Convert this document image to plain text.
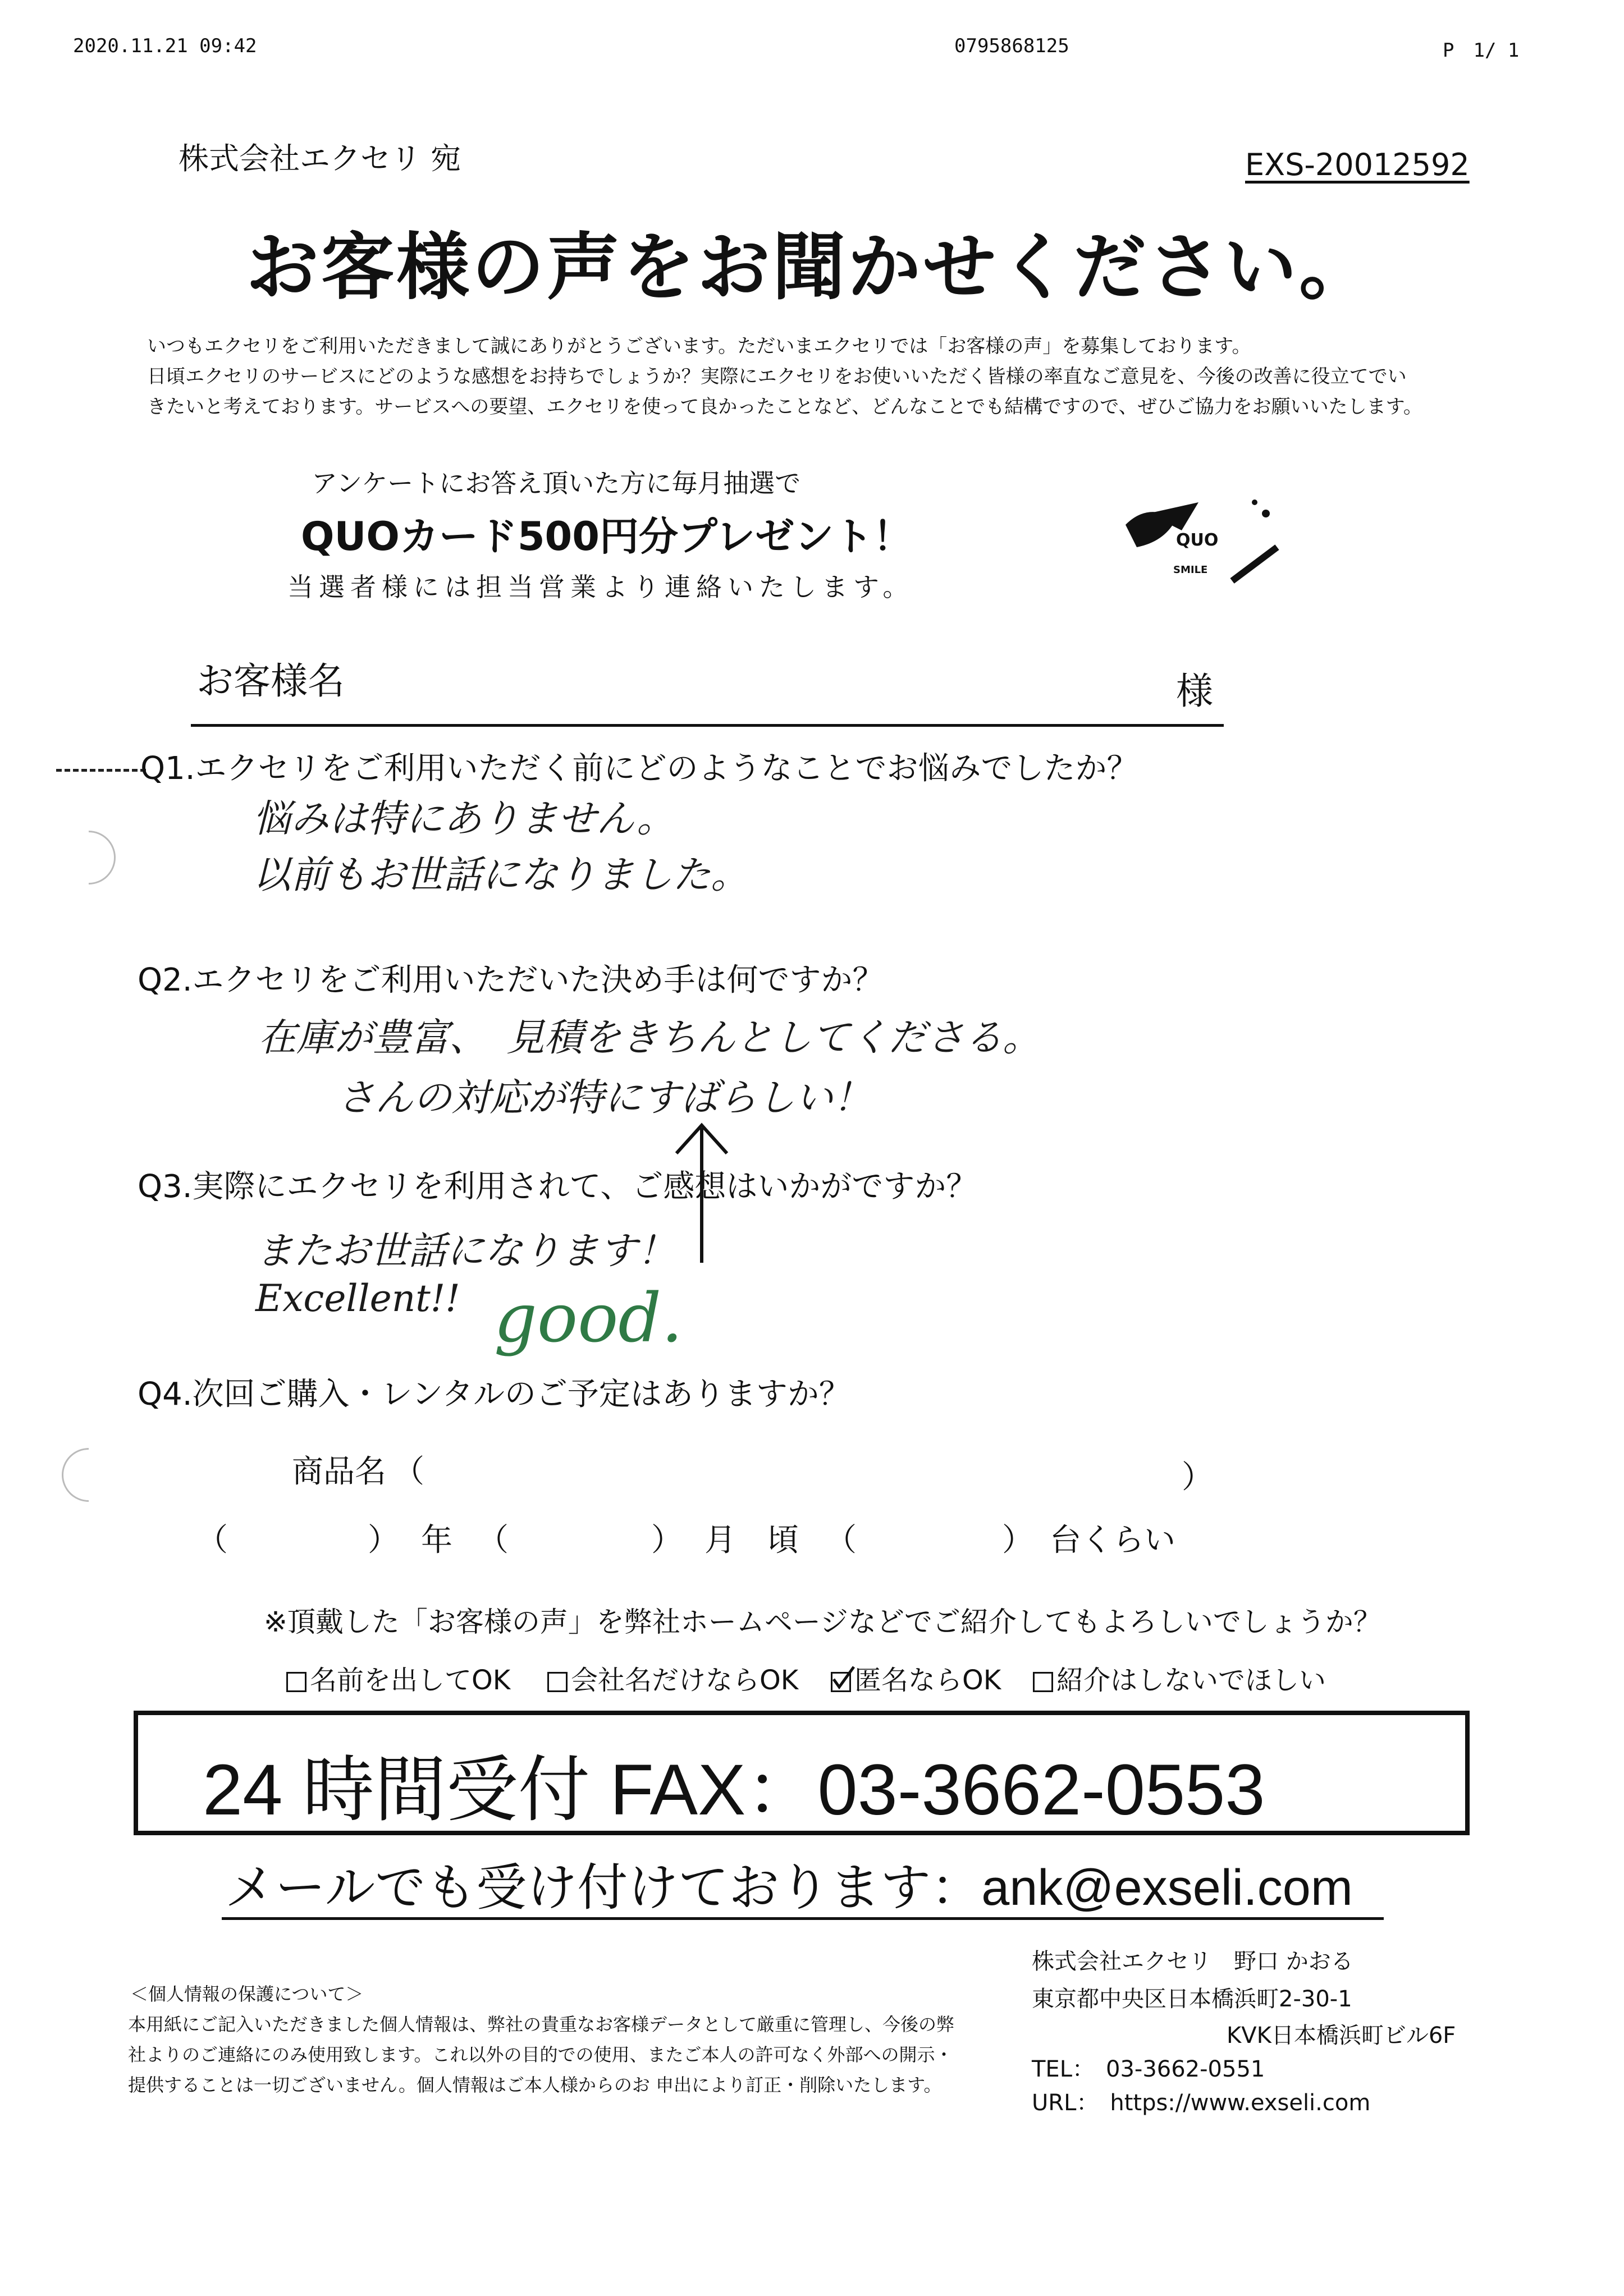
2020.11.21 09:42	0795868125	P　1/ 1
株式会社エクセリ 宛	EXS-20012592
お客様の声をお聞かせください。
いつもエクセリをご利用いただきまして誠にありがとうございます。ただいまエクセリでは「お客様の声」を募集しております。
日頃エクセリのサービスにどのような感想をお持ちでしょうか？実際にエクセリをお使いいただく皆様の率直なご意見を、今後の改善に役立てでい
きたいと考えております。サービスへの要望、エクセリを使って良かったことなど、どんなことでも結構ですので、ぜひご協力をお願いいたします。
アンケートにお答え頂いた方に毎月抽選で
QUOカード500円分プレゼント！
当選者様には担当営業より連絡いたします。
QUO
SMILE
お客様名	様
Q1.エクセリをご利用いただく前にどのようなことでお悩みでしたか？
悩みは特にありません。
以前もお世話になりました。
Q2.エクセリをご利用いただいた決め手は何ですか？
在庫が豊富、　見積をきちんとしてくださる。
さんの対応が特にすばらしい！
Q3.実際にエクセリを利用されて、ご感想はいかがですか？
またお世話になります！
Excellent!! good.
Q4.次回ご購入・レンタルのご予定はありますか？
商品名 （	）
（	） 年 （	） 月　頃 （	） 台くらい
※頂戴した「お客様の声」を弊社ホームページなどでご紹介してもよろしいでしょうか？
名前を出してOK	会社名だけならOK	匿名ならOK	紹介はしないでほしい
24 時間受付 FAX：03-3662-0553
メールでも受け付けております：ank@exseli.com
＜個人情報の保護について＞
本用紙にご記入いただきました個人情報は、弊社の貴重なお客様データとして厳重に管理し、今後の弊
社よりのご連絡にのみ使用致します。これ以外の目的での使用、またご本人の許可なく外部への開示・
提供することは一切ございません。個人情報はご本人様からのお 申出により訂正・削除いたします。
株式会社エクセリ　野口 かおる
東京都中央区日本橋浜町2-30-1
KVK日本橋浜町ビル6F
TEL：　03-3662-0551
URL：　https://www.exseli.com
